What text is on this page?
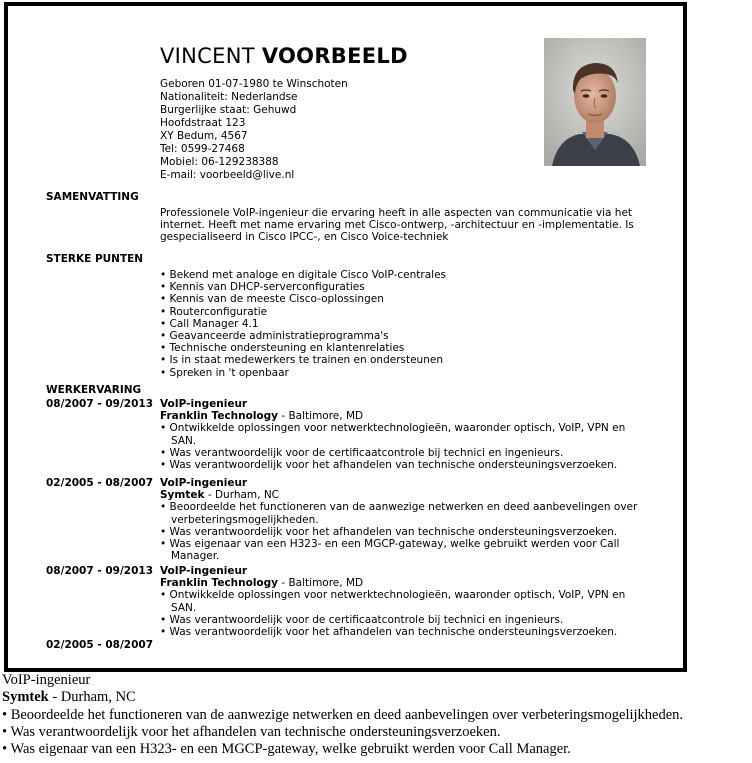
VINCENT VOORBEELD
Geboren 01-07-1980 te Winschoten
Nationaliteit: Nederlandse
Burgerlijke staat: Gehuwd
Hoofdstraat 123
XY Bedum, 4567
Tel: 0599-27468
Mobiel: 06-129238388
E-mail: voorbeeld@live.nl
SAMENVATTING
Professionele VoIP-ingenieur die ervaring heeft in alle aspecten van communicatie via het internet. Heeft met name ervaring met Cisco-ontwerp, -architectuur en -implementatie. Is gespecialiseerd in Cisco IPCC-, en Cisco Voice-techniek
STERKE PUNTEN
• Bekend met analoge en digitale Cisco VoIP-centrales
• Kennis van DHCP-serverconfiguraties
• Kennis van de meeste Cisco-oplossingen
• Routerconfiguratie
• Call Manager 4.1
• Geavanceerde administratieprogramma's
• Technische ondersteuning en klantenrelaties
• Is in staat medewerkers te trainen en ondersteunen
• Spreken in 't openbaar
WERKERVARING
08/2007 - 09/2013 VoIP-ingenieur
Franklin Technology - Baltimore, MD
• Ontwikkelde oplossingen voor netwerktechnologieën, waaronder optisch, VoIP, VPN en SAN.
• Was verantwoordelijk voor de certificaatcontrole bij technici en ingenieurs.
• Was verantwoordelijk voor het afhandelen van technische ondersteuningsverzoeken.
02/2005 - 08/2007 VoIP-ingenieur
Symtek - Durham, NC
• Beoordeelde het functioneren van de aanwezige netwerken en deed aanbevelingen over verbeteringsmogelijkheden.
• Was verantwoordelijk voor het afhandelen van technische ondersteuningsverzoeken.
• Was eigenaar van een H323- en een MGCP-gateway, welke gebruikt werden voor Call Manager.
08/2007 - 09/2013 VoIP-ingenieur
Franklin Technology - Baltimore, MD
• Ontwikkelde oplossingen voor netwerktechnologieën, waaronder optisch, VoIP, VPN en SAN.
• Was verantwoordelijk voor de certificaatcontrole bij technici en ingenieurs.
• Was verantwoordelijk voor het afhandelen van technische ondersteuningsverzoeken.
02/2005 - 08/2007
VoIP-ingenieur
Symtek - Durham, NC
• Beoordeelde het functioneren van de aanwezige netwerken en deed aanbevelingen over verbeteringsmogelijkheden.
• Was verantwoordelijk voor het afhandelen van technische ondersteuningsverzoeken.
• Was eigenaar van een H323- en een MGCP-gateway, welke gebruikt werden voor Call Manager.
